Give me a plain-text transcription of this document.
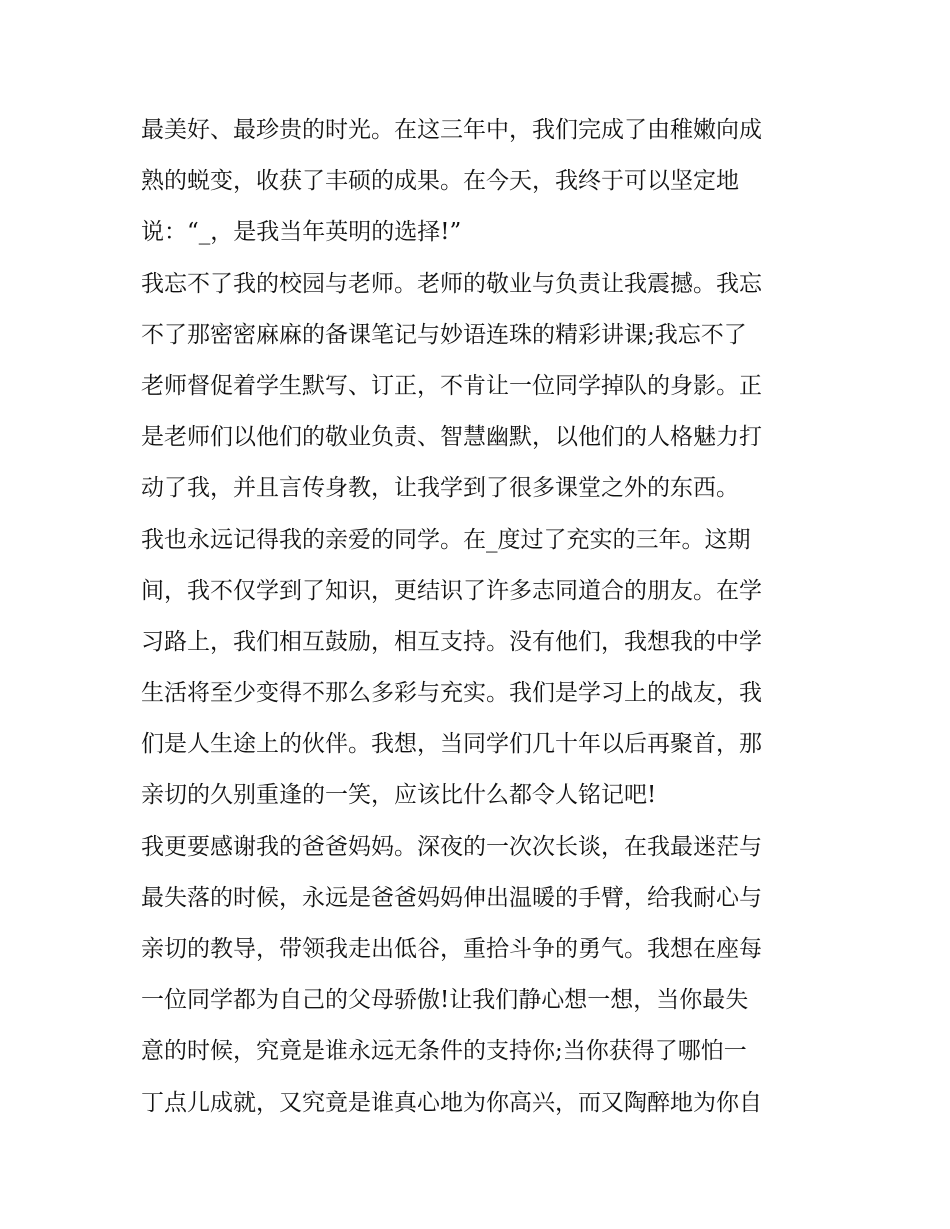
最美好、最珍贵的时光。在这三年中，我们完成了由稚嫩向成
熟的蜕变，收获了丰硕的成果。在今天，我终于可以坚定地
说：“_，是我当年英明的选择!”

我忘不了我的校园与老师。老师的敬业与负责让我震撼。我忘
不了那密密麻麻的备课笔记与妙语连珠的精彩讲课;我忘不了
老师督促着学生默写、订正，不肯让一位同学掉队的身影。正
是老师们以他们的敬业负责、智慧幽默，以他们的人格魅力打
动了我，并且言传身教，让我学到了很多课堂之外的东西。

我也永远记得我的亲爱的同学。在_度过了充实的三年。这期
间，我不仅学到了知识，更结识了许多志同道合的朋友。在学
习路上，我们相互鼓励，相互支持。没有他们，我想我的中学
生活将至少变得不那么多彩与充实。我们是学习上的战友，我
们是人生途上的伙伴。我想，当同学们几十年以后再聚首，那
亲切的久别重逢的一笑，应该比什么都令人铭记吧!

我更要感谢我的爸爸妈妈。深夜的一次次长谈，在我最迷茫与
最失落的时候，永远是爸爸妈妈伸出温暖的手臂，给我耐心与
亲切的教导，带领我走出低谷，重拾斗争的勇气。我想在座每
一位同学都为自己的父母骄傲!让我们静心想一想，当你最失
意的时候，究竟是谁永远无条件的支持你;当你获得了哪怕一
丁点儿成就，又究竟是谁真心地为你高兴，而又陶醉地为你自
